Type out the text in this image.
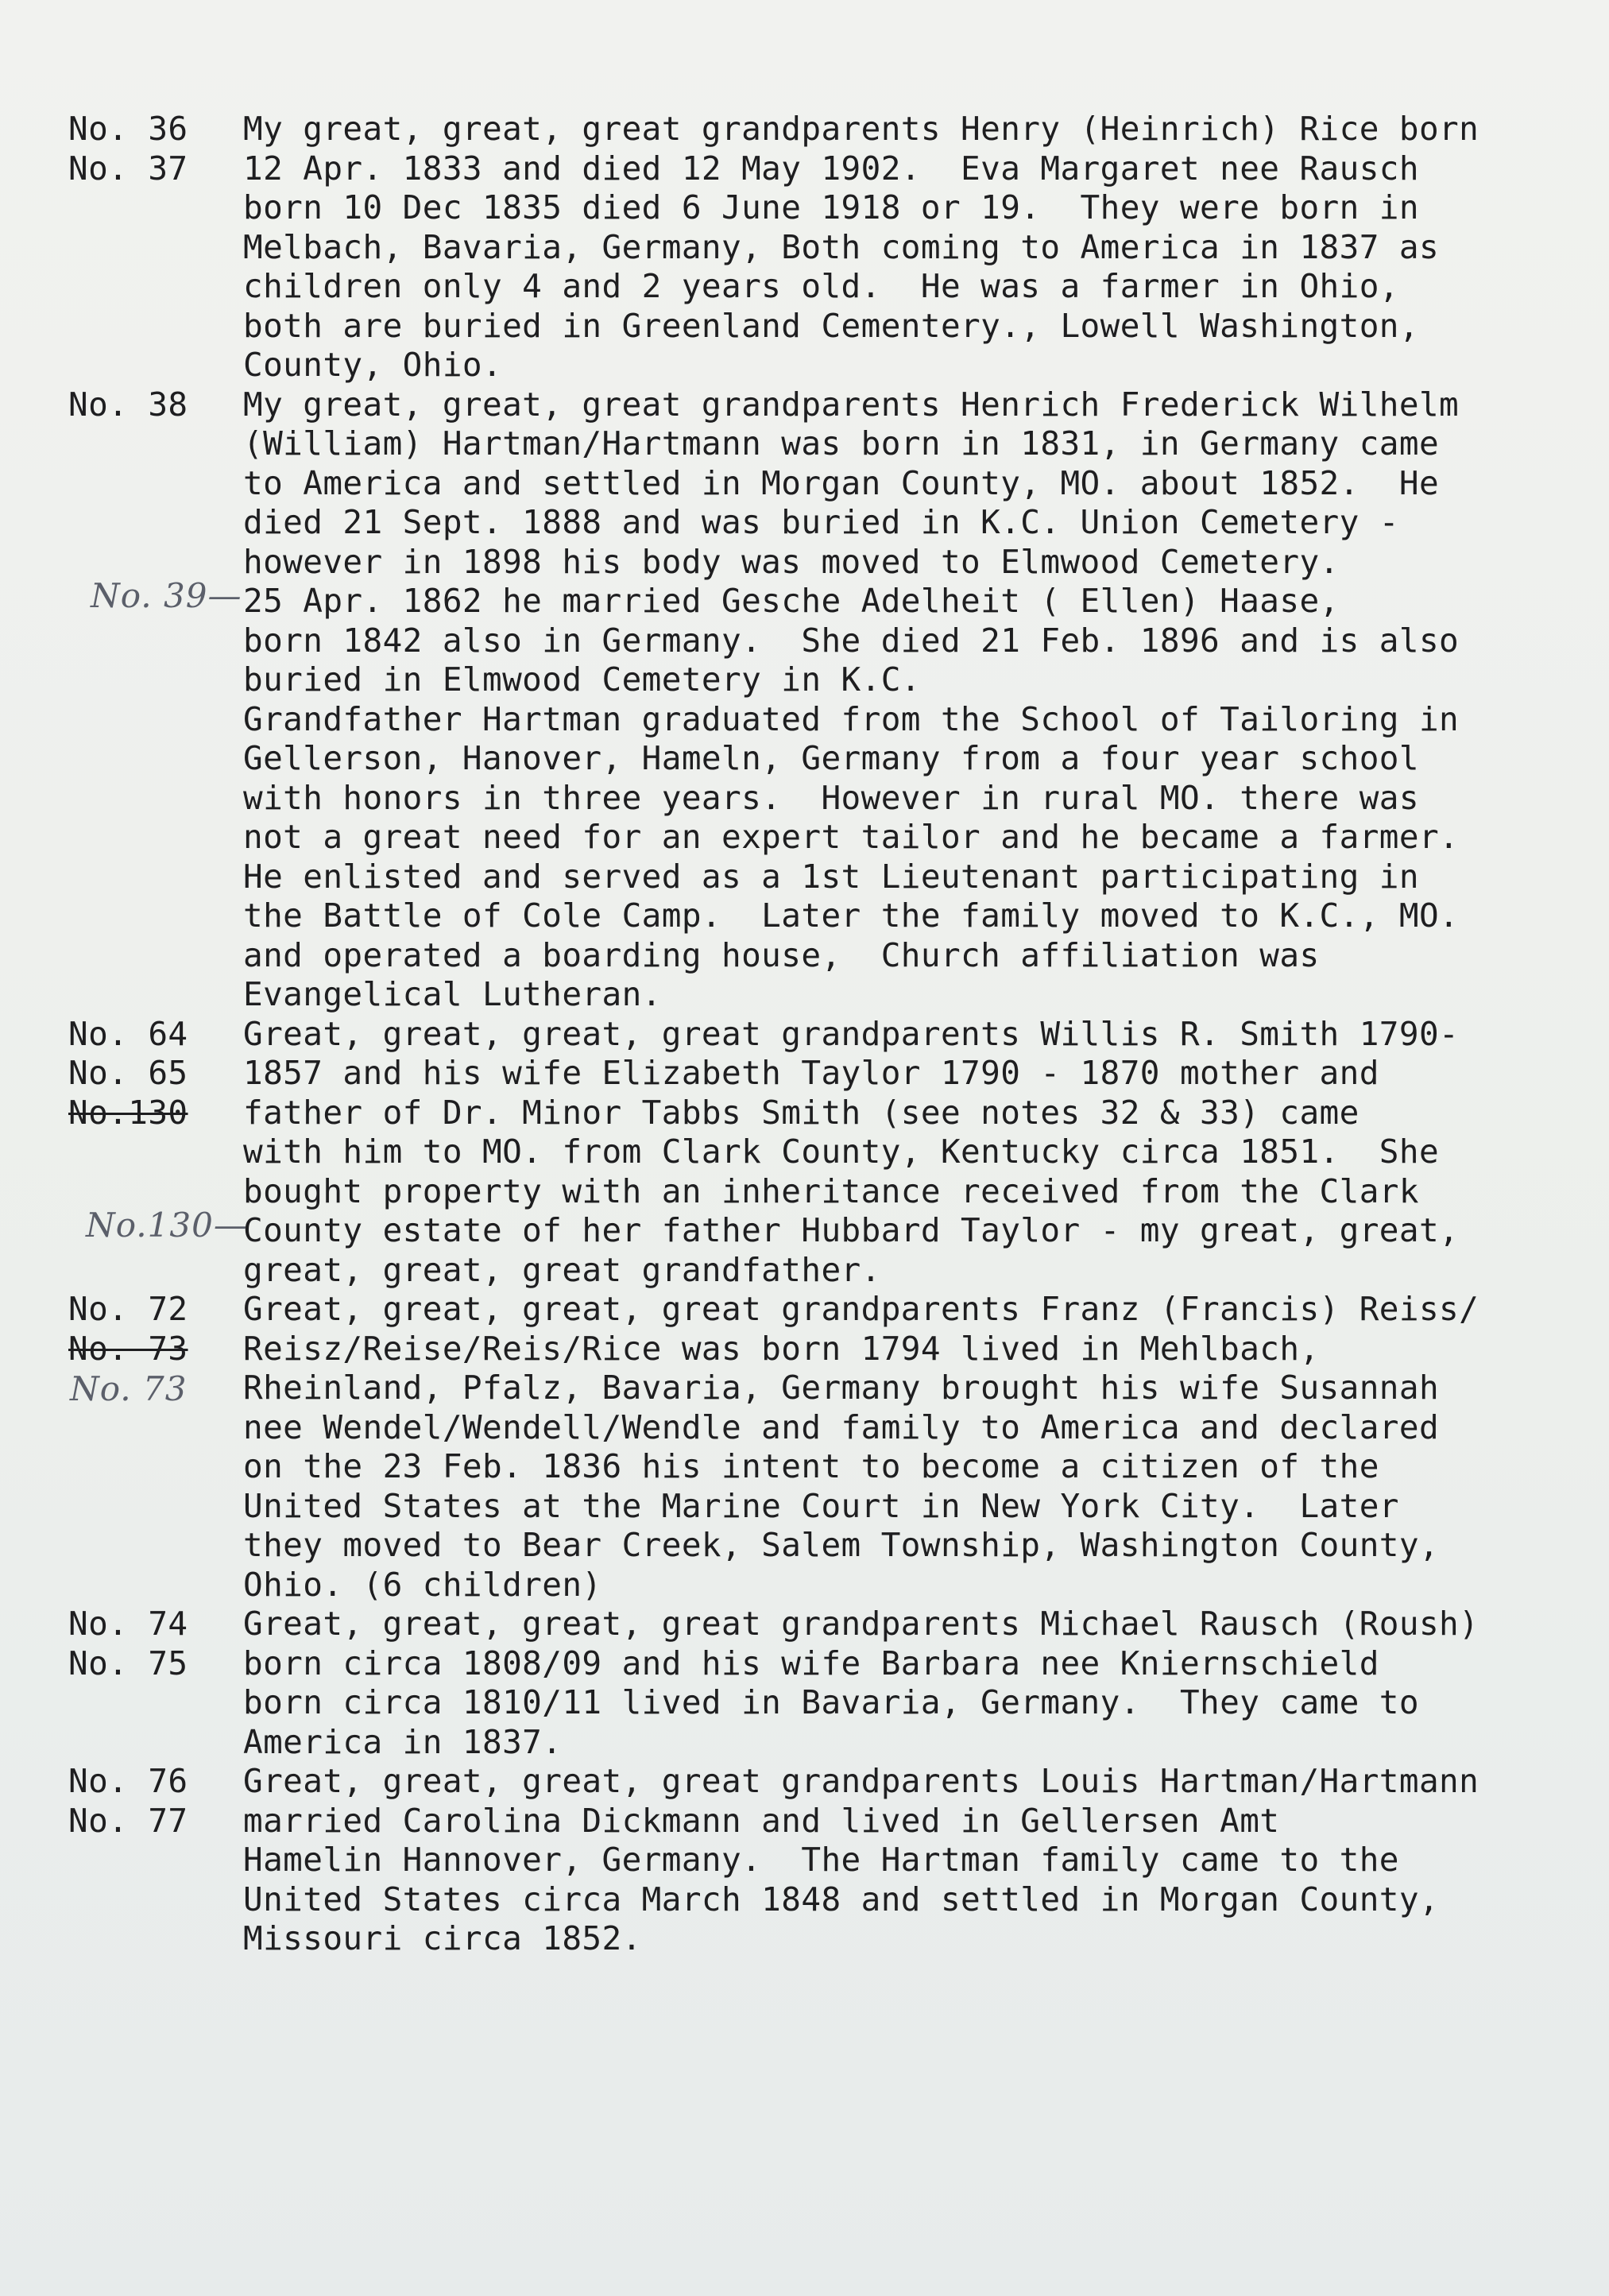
No. 36
No. 37
My great, great, great grandparents Henry (Heinrich) Rice born
12 Apr. 1833 and died 12 May 1902.  Eva Margaret nee Rausch
born 10 Dec 1835 died 6 June 1918 or 19.  They were born in
Melbach, Bavaria, Germany, Both coming to America in 1837 as
children only 4 and 2 years old.  He was a farmer in Ohio,
both are buried in Greenland Cementery., Lowell Washington,
County, Ohio.
No. 38
No. 39—
My great, great, great grandparents Henrich Frederick Wilhelm
(William) Hartman/Hartmann was born in 1831, in Germany came
to America and settled in Morgan County, MO. about 1852.  He
died 21 Sept. 1888 and was buried in K.C. Union Cemetery -
however in 1898 his body was moved to Elmwood Cemetery.
25 Apr. 1862 he married Gesche Adelheit ( Ellen) Haase,
born 1842 also in Germany.  She died 21 Feb. 1896 and is also
buried in Elmwood Cemetery in K.C.
Grandfather Hartman graduated from the School of Tailoring in
Gellerson, Hanover, Hameln, Germany from a four year school
with honors in three years.  However in rural MO. there was
not a great need for an expert tailor and he became a farmer.
He enlisted and served as a 1st Lieutenant participating in
the Battle of Cole Camp.  Later the family moved to K.C., MO.
and operated a boarding house,  Church affiliation was
Evangelical Lutheran.
No. 64
No. 65
No.130
No.130—
Great, great, great, great grandparents Willis R. Smith 1790-
1857 and his wife Elizabeth Taylor 1790 - 1870 mother and
father of Dr. Minor Tabbs Smith (see notes 32 & 33) came
with him to MO. from Clark County, Kentucky circa 1851.  She
bought property with an inheritance received from the Clark
County estate of her father Hubbard Taylor - my great, great,
great, great, great grandfather.
No. 72
No. 73
No. 73
Great, great, great, great grandparents Franz (Francis) Reiss/
Reisz/Reise/Reis/Rice was born 1794 lived in Mehlbach,
Rheinland, Pfalz, Bavaria, Germany brought his wife Susannah
nee Wendel/Wendell/Wendle and family to America and declared
on the 23 Feb. 1836 his intent to become a citizen of the
United States at the Marine Court in New York City.  Later
they moved to Bear Creek, Salem Township, Washington County,
Ohio. (6 children)
No. 74
No. 75
Great, great, great, great grandparents Michael Rausch (Roush)
born circa 1808/09 and his wife Barbara nee Kniernschield
born circa 1810/11 lived in Bavaria, Germany.  They came to
America in 1837.
No. 76
No. 77
Great, great, great, great grandparents Louis Hartman/Hartmann
married Carolina Dickmann and lived in Gellersen Amt
Hamelin Hannover, Germany.  The Hartman family came to the
United States circa March 1848 and settled in Morgan County,
Missouri circa 1852.
